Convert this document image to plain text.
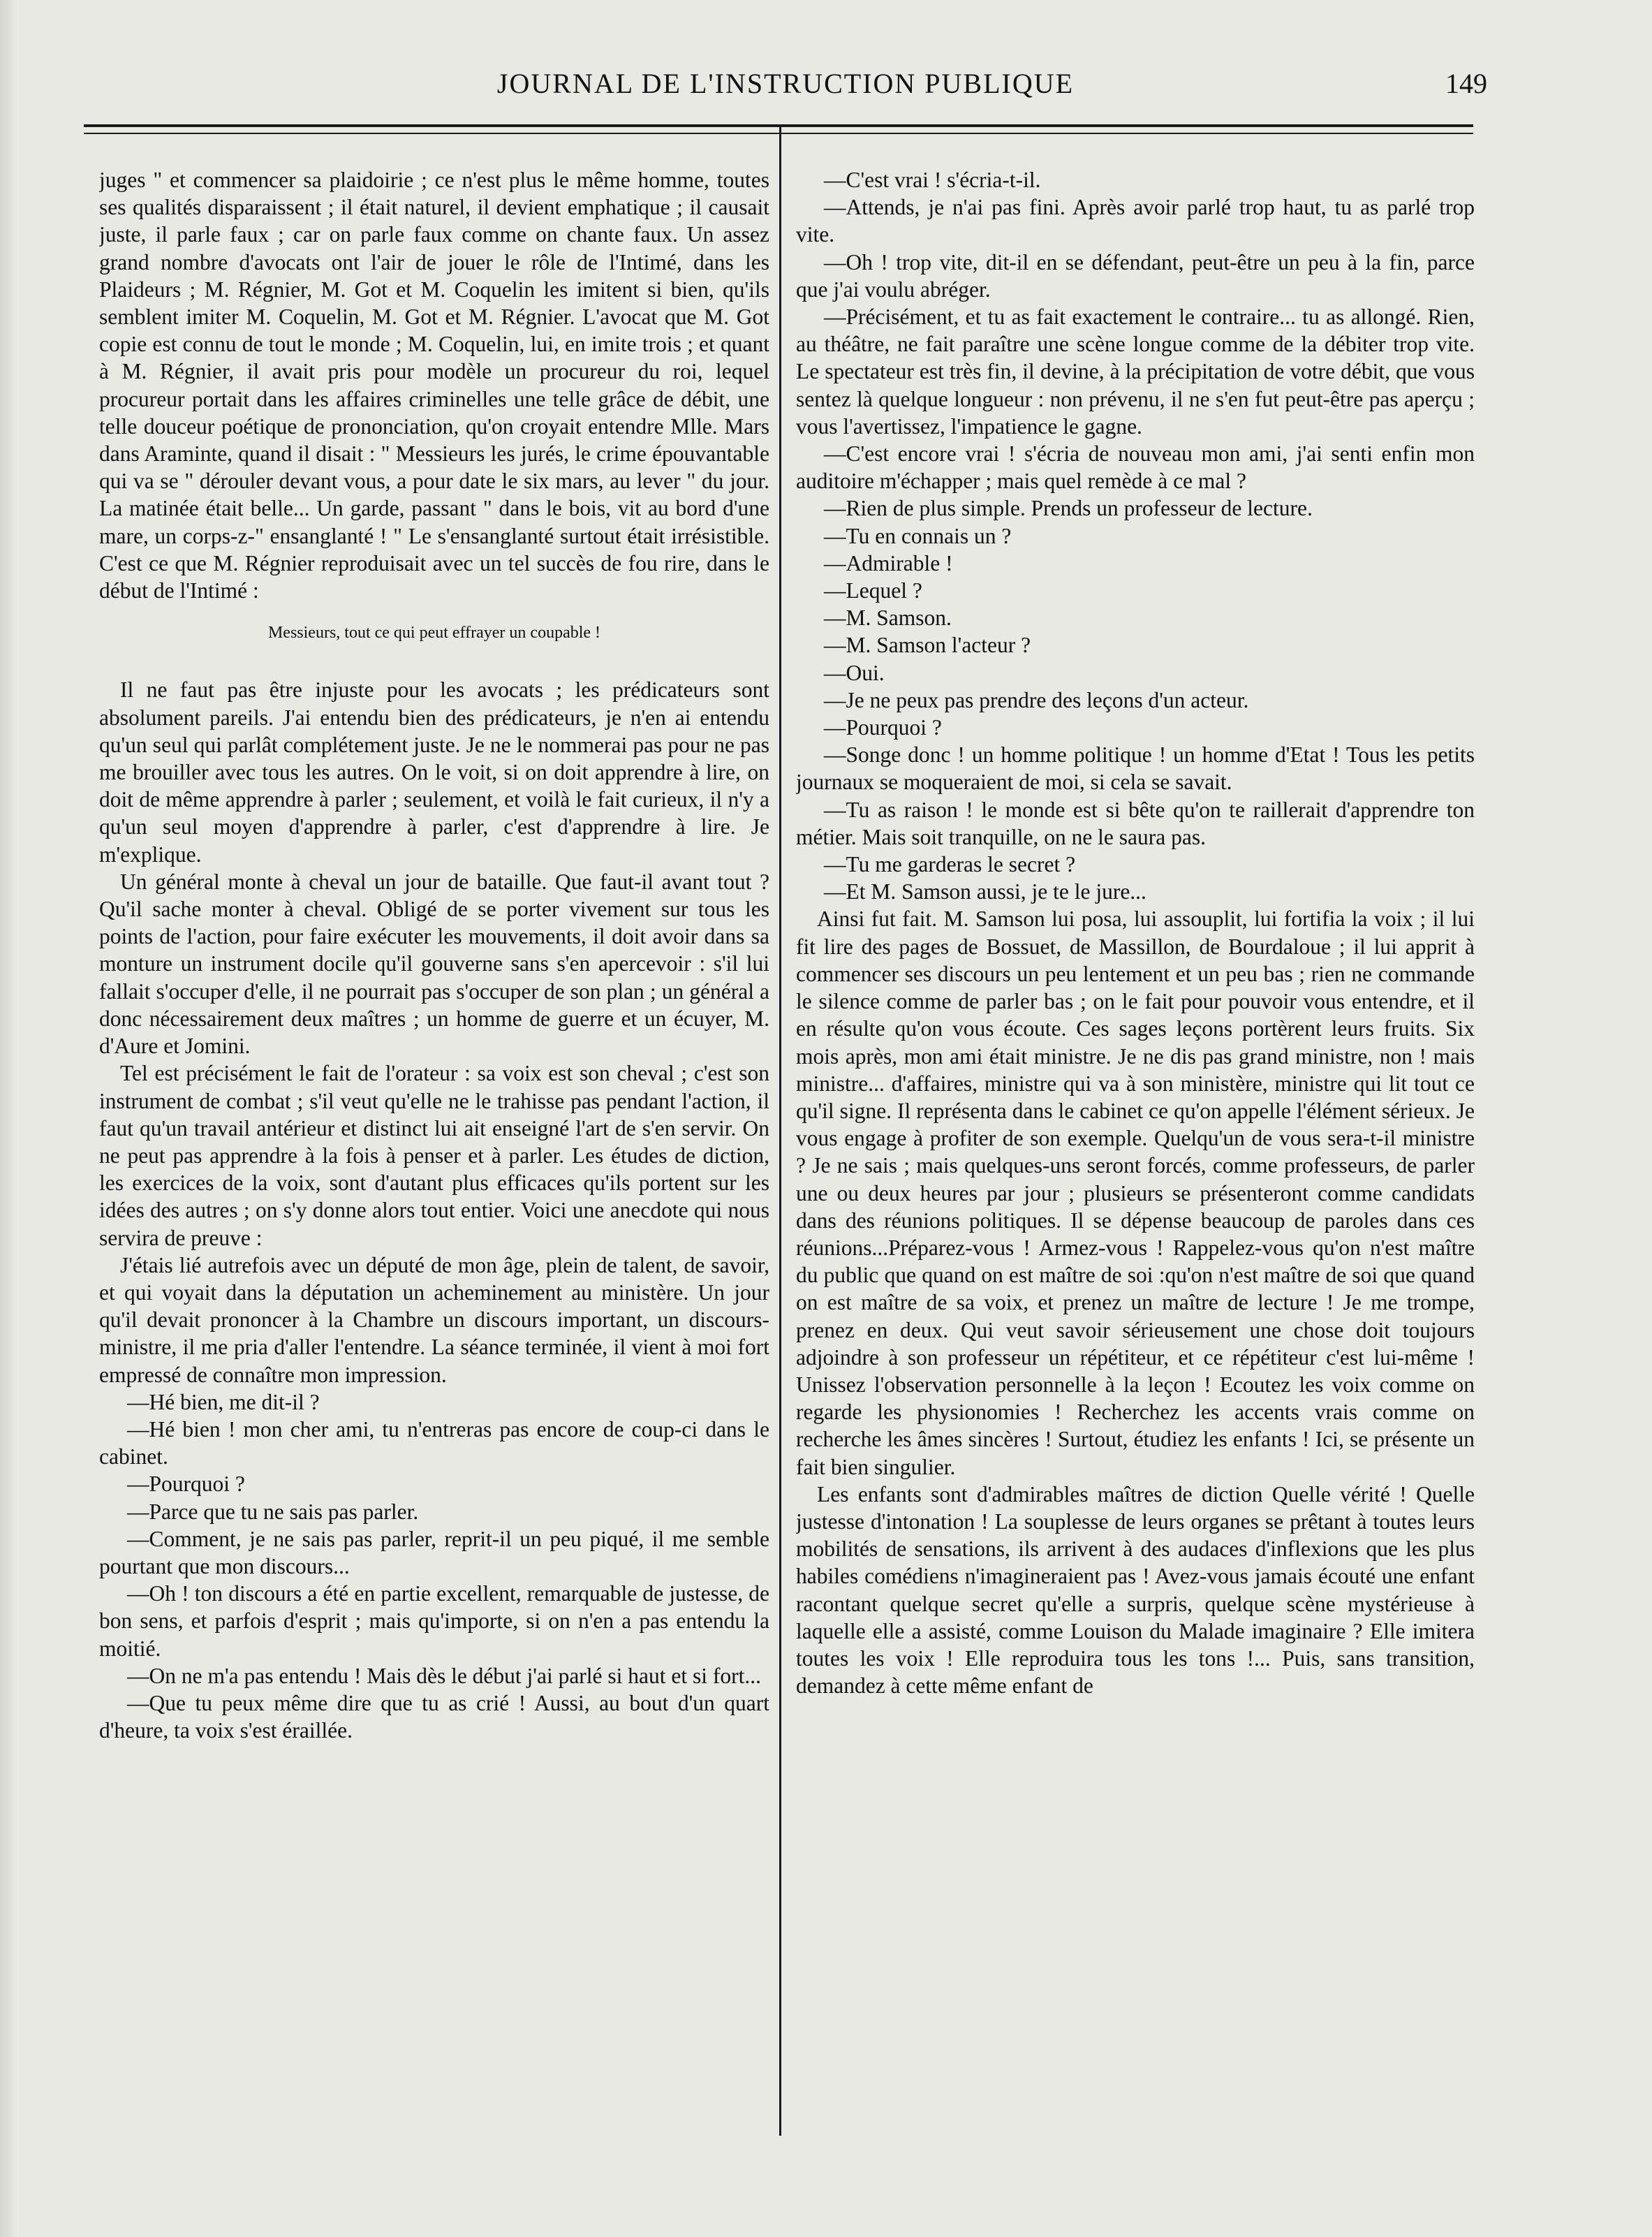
JOURNAL DE L'INSTRUCTION PUBLIQUE	149

juges " et commencer sa plaidoirie ; ce n'est plus le même homme, toutes ses qualités disparaissent ; il était naturel, il devient emphatique ; il causait juste, il parle faux ; car on parle faux comme on chante faux. Un assez grand nombre d'avocats ont l'air de jouer le rôle de l'Intimé, dans les Plaideurs ; M. Régnier, M. Got et M. Coquelin les imitent si bien, qu'ils semblent imiter M. Coquelin, M. Got et M. Régnier. L'avocat que M. Got copie est connu de tout le monde ; M. Coquelin, lui, en imite trois ; et quant à M. Régnier, il avait pris pour modèle un procureur du roi, lequel procureur portait dans les affaires criminelles une telle grâce de débit, une telle douceur poétique de prononciation, qu'on croyait entendre Mlle. Mars dans Araminte, quand il disait : " Messieurs les jurés, le crime épouvantable qui va se " dérouler devant vous, a pour date le six mars, au lever " du jour. La matinée était belle... Un garde, passant " dans le bois, vit au bord d'une mare, un corps-z-" ensanglanté ! " Le s'ensanglanté surtout était irrésistible. C'est ce que M. Régnier reproduisait avec un tel succès de fou rire, dans le début de l'Intimé :

Messieurs, tout ce qui peut effrayer un coupable !

Il ne faut pas être injuste pour les avocats ; les prédicateurs sont absolument pareils. J'ai entendu bien des prédicateurs, je n'en ai entendu qu'un seul qui parlât complétement juste. Je ne le nommerai pas pour ne pas me brouiller avec tous les autres. On le voit, si on doit apprendre à lire, on doit de même apprendre à parler ; seulement, et voilà le fait curieux, il n'y a qu'un seul moyen d'apprendre à parler, c'est d'apprendre à lire. Je m'explique.

Un général monte à cheval un jour de bataille. Que faut-il avant tout ? Qu'il sache monter à cheval. Obligé de se porter vivement sur tous les points de l'action, pour faire exécuter les mouvements, il doit avoir dans sa monture un instrument docile qu'il gouverne sans s'en apercevoir : s'il lui fallait s'occuper d'elle, il ne pourrait pas s'occuper de son plan ; un général a donc nécessairement deux maîtres ; un homme de guerre et un écuyer, M. d'Aure et Jomini.

Tel est précisément le fait de l'orateur : sa voix est son cheval ; c'est son instrument de combat ; s'il veut qu'elle ne le trahisse pas pendant l'action, il faut qu'un travail antérieur et distinct lui ait enseigné l'art de s'en servir. On ne peut pas apprendre à la fois à penser et à parler. Les études de diction, les exercices de la voix, sont d'autant plus efficaces qu'ils portent sur les idées des autres ; on s'y donne alors tout entier. Voici une anecdote qui nous servira de preuve :

J'étais lié autrefois avec un député de mon âge, plein de talent, de savoir, et qui voyait dans la députation un acheminement au ministère. Un jour qu'il devait prononcer à la Chambre un discours important, un discours-ministre, il me pria d'aller l'entendre. La séance terminée, il vient à moi fort empressé de connaître mon impression.

—Hé bien, me dit-il ?

—Hé bien ! mon cher ami, tu n'entreras pas encore de coup-ci dans le cabinet.

—Pourquoi ?

—Parce que tu ne sais pas parler.

—Comment, je ne sais pas parler, reprit-il un peu piqué, il me semble pourtant que mon discours...

—Oh ! ton discours a été en partie excellent, remarquable de justesse, de bon sens, et parfois d'esprit ; mais qu'importe, si on n'en a pas entendu la moitié.

—On ne m'a pas entendu ! Mais dès le début j'ai parlé si haut et si fort...

—Que tu peux même dire que tu as crié ! Aussi, au bout d'un quart d'heure, ta voix s'est éraillée.

—C'est vrai ! s'écria-t-il.

—Attends, je n'ai pas fini. Après avoir parlé trop haut, tu as parlé trop vite.

—Oh ! trop vite, dit-il en se défendant, peut-être un peu à la fin, parce que j'ai voulu abréger.

—Précisément, et tu as fait exactement le contraire... tu as allongé. Rien, au théâtre, ne fait paraître une scène longue comme de la débiter trop vite. Le spectateur est très fin, il devine, à la précipitation de votre débit, que vous sentez là quelque longueur : non prévenu, il ne s'en fut peut-être pas aperçu ; vous l'avertissez, l'impatience le gagne.

—C'est encore vrai ! s'écria de nouveau mon ami, j'ai senti enfin mon auditoire m'échapper ; mais quel remède à ce mal ?

—Rien de plus simple. Prends un professeur de lecture.

—Tu en connais un ?

—Admirable !

—Lequel ?

—M. Samson.

—M. Samson l'acteur ?

—Oui.

—Je ne peux pas prendre des leçons d'un acteur.

—Pourquoi ?

—Songe donc ! un homme politique ! un homme d'Etat ! Tous les petits journaux se moqueraient de moi, si cela se savait.

—Tu as raison ! le monde est si bête qu'on te raillerait d'apprendre ton métier. Mais soit tranquille, on ne le saura pas.

—Tu me garderas le secret ?

—Et M. Samson aussi, je te le jure...

Ainsi fut fait. M. Samson lui posa, lui assouplit, lui fortifia la voix ; il lui fit lire des pages de Bossuet, de Massillon, de Bourdaloue ; il lui apprit à commencer ses discours un peu lentement et un peu bas ; rien ne commande le silence comme de parler bas ; on le fait pour pouvoir vous entendre, et il en résulte qu'on vous écoute. Ces sages leçons portèrent leurs fruits. Six mois après, mon ami était ministre. Je ne dis pas grand ministre, non ! mais ministre... d'affaires, ministre qui va à son ministère, ministre qui lit tout ce qu'il signe. Il représenta dans le cabinet ce qu'on appelle l'élément sérieux. Je vous engage à profiter de son exemple. Quelqu'un de vous sera-t-il ministre ? Je ne sais ; mais quelques-uns seront forcés, comme professeurs, de parler une ou deux heures par jour ; plusieurs se présenteront comme candidats dans des réunions politiques. Il se dépense beaucoup de paroles dans ces réunions...Préparez-vous ! Armez-vous ! Rappelez-vous qu'on n'est maître du public que quand on est maître de soi :qu'on n'est maître de soi que quand on est maître de sa voix, et prenez un maître de lecture ! Je me trompe, prenez en deux. Qui veut savoir sérieusement une chose doit toujours adjoindre à son professeur un répétiteur, et ce répétiteur c'est lui-même ! Unissez l'observation personnelle à la leçon ! Ecoutez les voix comme on regarde les physionomies ! Recherchez les accents vrais comme on recherche les âmes sincères ! Surtout, étudiez les enfants ! Ici, se présente un fait bien singulier.

Les enfants sont d'admirables maîtres de diction Quelle vérité ! Quelle justesse d'intonation ! La souplesse de leurs organes se prêtant à toutes leurs mobilités de sensations, ils arrivent à des audaces d'inflexions que les plus habiles comédiens n'imagineraient pas ! Avez-vous jamais écouté une enfant racontant quelque secret qu'elle a surpris, quelque scène mystérieuse à laquelle elle a assisté, comme Louison du Malade imaginaire ? Elle imitera toutes les voix ! Elle reproduira tous les tons !... Puis, sans transition, demandez à cette même enfant de
